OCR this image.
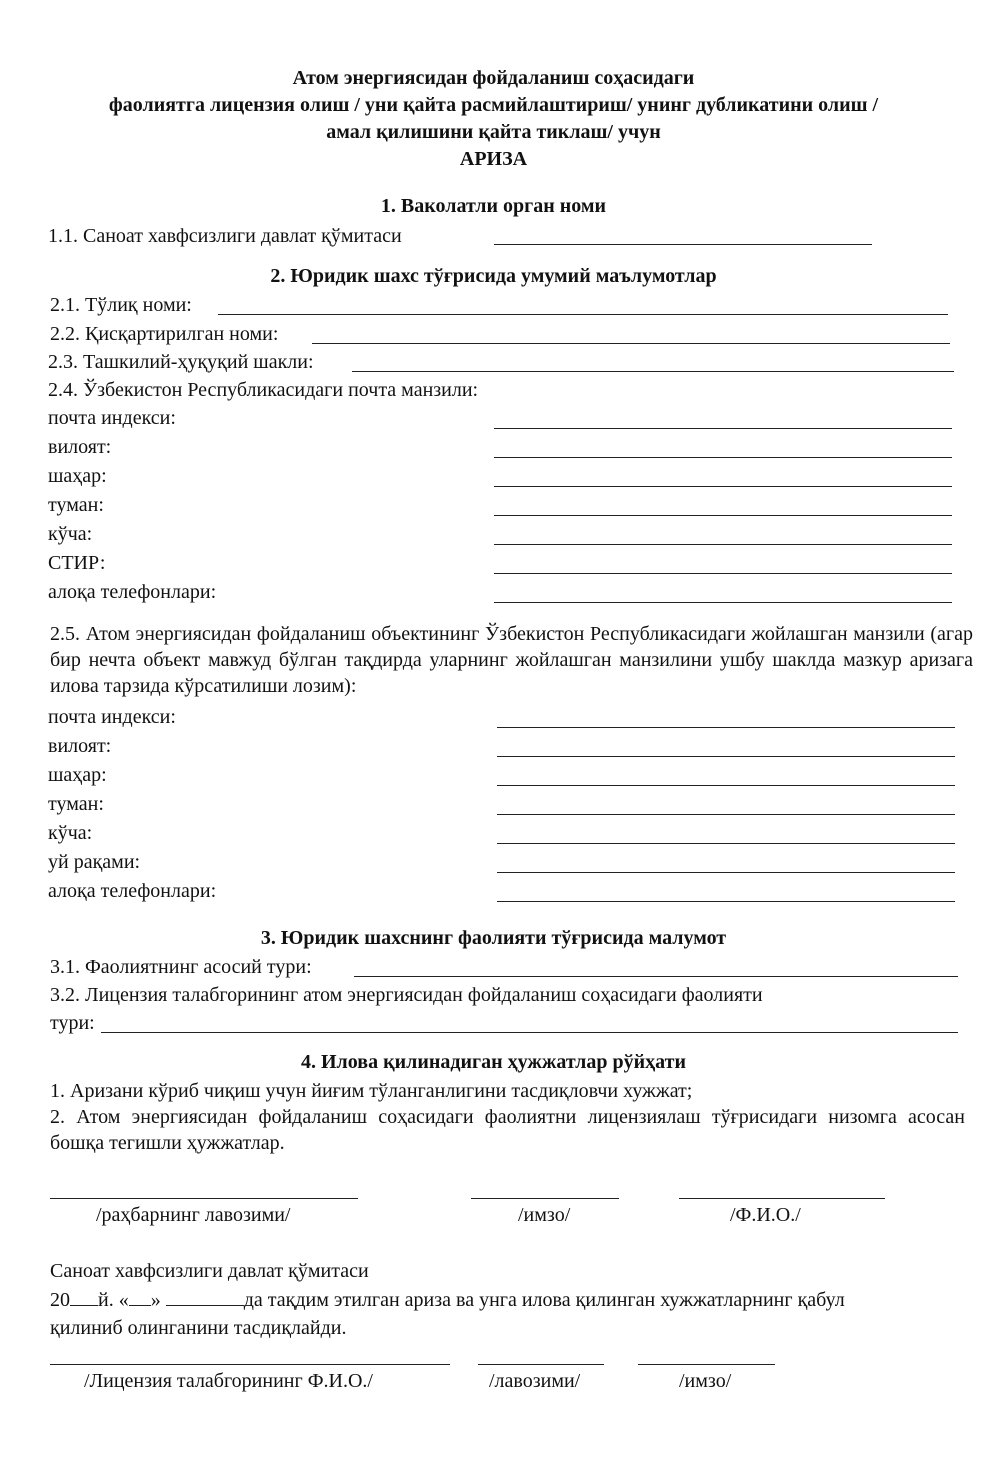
Атом энергиясидан фойдаланиш соҳасидаги
фаолиятга лицензия олиш / уни қайта расмийлаштириш/ унинг дубликатини олиш /
амал қилишини қайта тиклаш/ учун
АРИЗА
1. Ваколатли орган номи
1.1. Саноат хавфсизлиги давлат қўмитаси
2. Юридик шахс тўғрисида умумий маълумотлар
2.1. Тўлиқ номи:
2.2. Қисқартирилган номи:
2.3. Ташкилий-ҳуқуқий шакли:
2.4. Ўзбекистон Республикасидаги почта манзили:
почта индекси:
вилоят:
шаҳар:
туман:
кўча:
СТИР:
алоқа телефонлари:
2.5. Атом энергиясидан фойдаланиш объектининг Ўзбекистон Республикасидаги жойлашган манзили (агар бир нечта объект мавжуд бўлган тақдирда уларнинг жойлашган манзилини ушбу шаклда мазкур аризага илова тарзида кўрсатилиши лозим):
почта индекси:
вилоят:
шаҳар:
туман:
кўча:
уй рақами:
алоқа телефонлари:
3. Юридик шахснинг фаолияти тўғрисида малумот
3.1. Фаолиятнинг асосий тури:
3.2. Лицензия талабгорининг атом энергиясидан фойдаланиш соҳасидаги фаолияти
тури:
4. Илова қилинадиган ҳужжатлар рўйҳати
1. Аризани кўриб чиқиш учун йиғим тўланганлигини тасдиқловчи хужжат;
2. Атом энергиясидан фойдаланиш соҳасидаги фаолиятни лицензиялаш тўғрисидаги низомга асосан бошқа тегишли ҳужжатлар.
/раҳбарнинг лавозими/	/имзо/	/Ф.И.О./
Саноат хавфсизлиги давлат қўмитаси
20 й. « »	да тақдим этилган ариза ва унга илова қилинган хужжатларнинг қабул
қилиниб олинганини тасдиқлайди.
/Лицензия талабгорининг Ф.И.О./	/лавозими/	/имзо/
